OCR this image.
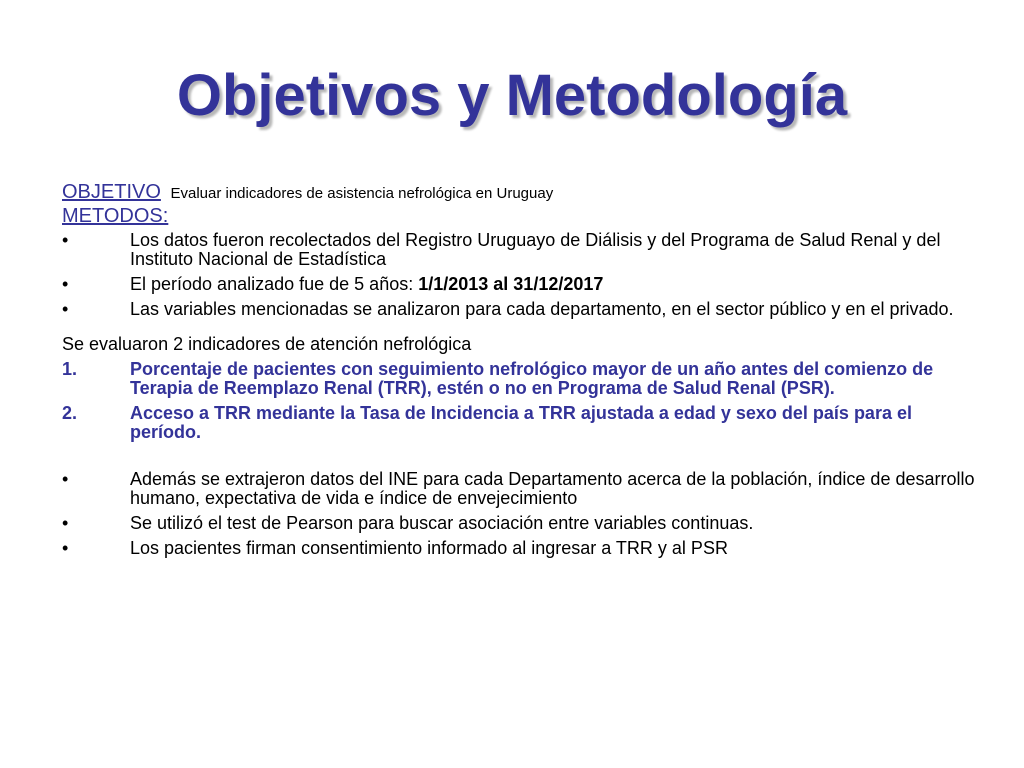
Objetivos y Metodología
OBJETIVO Evaluar indicadores de asistencia nefrológica en Uruguay
METODOS:
•	Los datos fueron recolectados del Registro Uruguayo de Diálisis y del Programa de Salud Renal y del Instituto Nacional de Estadística
•	El período analizado fue de 5 años: 1/1/2013 al 31/12/2017
•	Las variables mencionadas se analizaron para cada departamento, en el sector público y en el privado.
Se evaluaron 2 indicadores de atención nefrológica
1.	Porcentaje de pacientes con seguimiento nefrológico mayor de un año antes del comienzo de Terapia de Reemplazo Renal (TRR), estén o no en Programa de Salud Renal (PSR).
2.	Acceso a TRR mediante la Tasa de Incidencia a TRR ajustada a edad y sexo del país para el período.
•	Además se extrajeron datos del INE para cada Departamento acerca de la población, índice de desarrollo humano, expectativa de vida e índice de envejecimiento
•	Se utilizó el test de Pearson para buscar asociación entre variables continuas.
•	Los pacientes firman consentimiento informado al ingresar a TRR y al PSR
